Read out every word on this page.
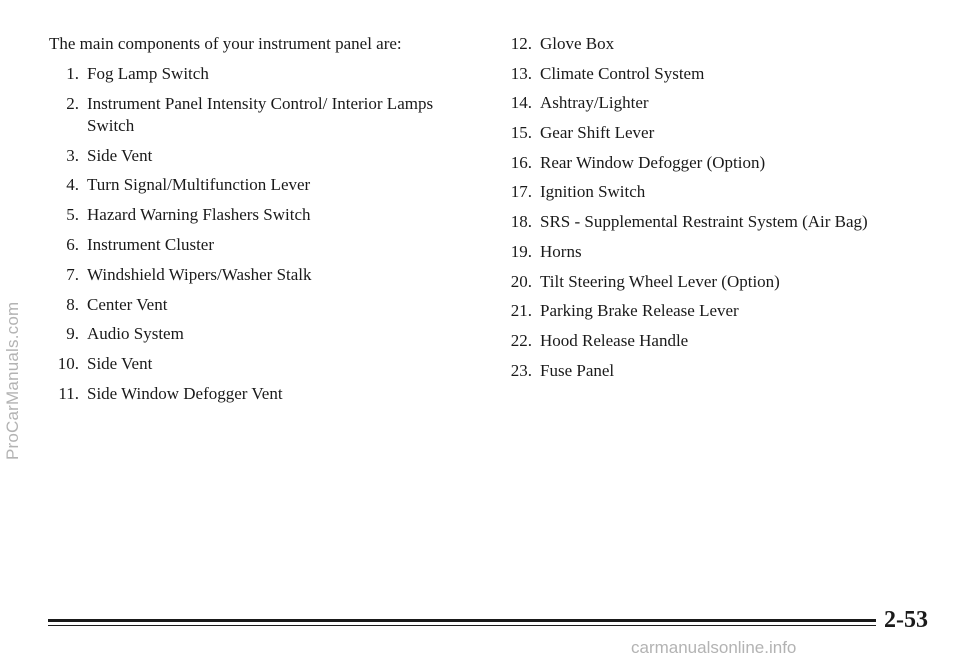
ProCarManuals.com
The main components of your instrument panel are:
1. Fog Lamp Switch
2. Instrument Panel Intensity Control/ Interior Lamps Switch
3. Side Vent
4. Turn Signal/Multifunction Lever
5. Hazard Warning Flashers Switch
6. Instrument Cluster
7. Windshield Wipers/Washer Stalk
8. Center Vent
9. Audio System
10. Side Vent
11. Side Window Defogger Vent
12. Glove Box
13. Climate Control System
14. Ashtray/Lighter
15. Gear Shift Lever
16. Rear Window Defogger (Option)
17. Ignition Switch
18. SRS - Supplemental Restraint System (Air Bag)
19. Horns
20. Tilt Steering Wheel Lever (Option)
21. Parking Brake Release Lever
22. Hood Release Handle
23. Fuse Panel
2-53
carmanualsonline.info
